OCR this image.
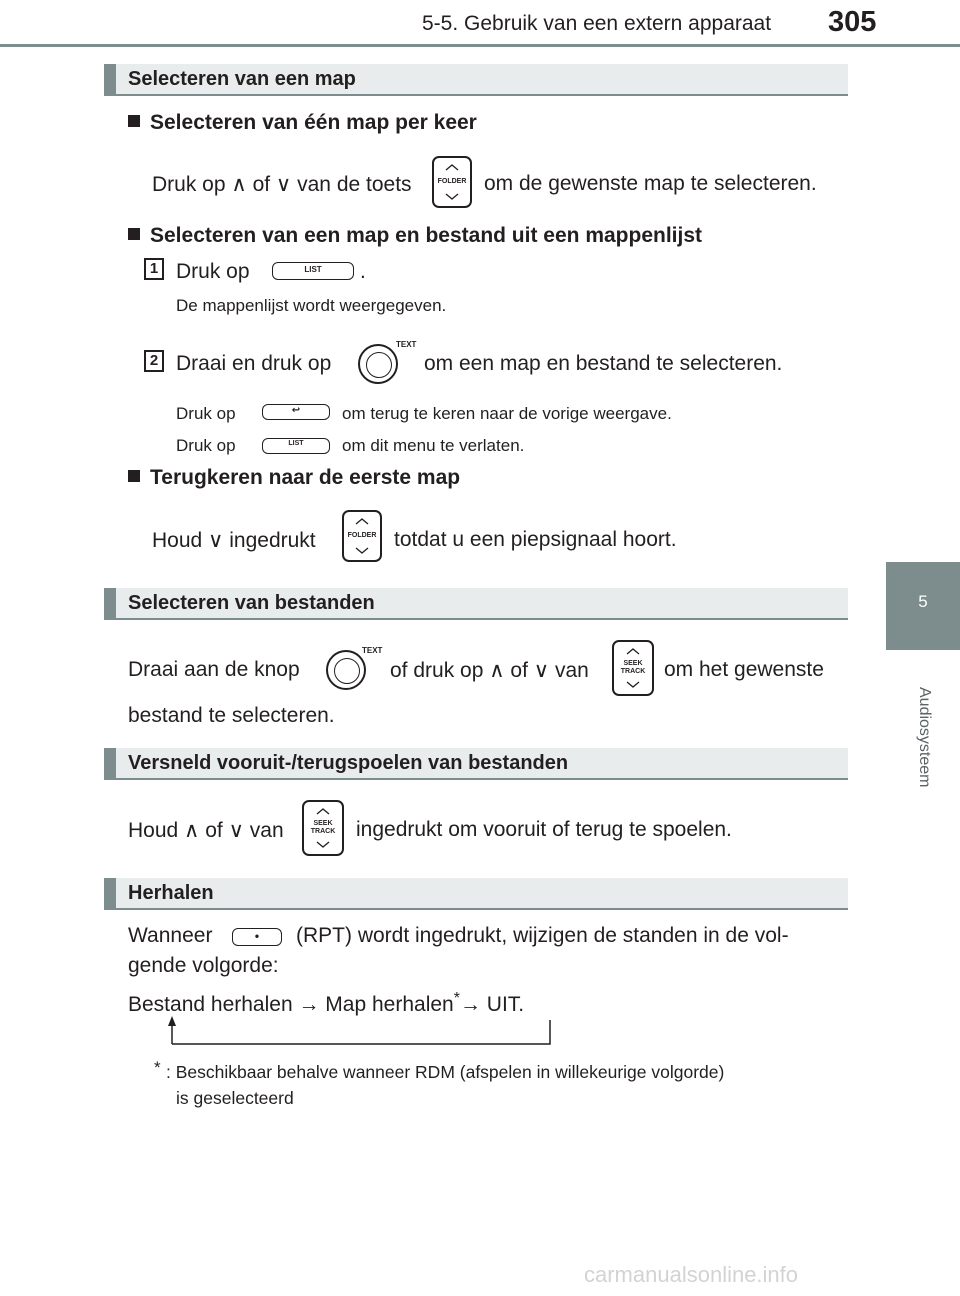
5-5. Gebruik van een extern apparaat 305
5
Audiosysteem
Selecteren van een map
Selecteren van één map per keer
Druk op ∧ of ∨ van de toets	FOLDER om de gewenste map te selecteren.
Selecteren van een map en bestand uit een mappenlijst
1 Druk op	LIST	.
De mappenlijst wordt weergegeven.
2 Draai en druk op
TEXT
om een map en bestand te selecteren.
Druk op	↩	om terug te keren naar de vorige weergave.
Druk op	LIST	om dit menu te verlaten.
Terugkeren naar de eerste map
Houd ∨ ingedrukt	FOLDER totdat u een piepsignaal hoort.
Selecteren van bestanden
Draai aan de knop
TEXT
of druk op ∧ of ∨ van	SEEK
TRACK om het gewenste
bestand te selecteren.
Versneld vooruit-/terugspoelen van bestanden
Houd ∧ of ∨ van	SEEK
TRACK ingedrukt om vooruit of terug te spoelen.
Herhalen
Wanneer	•	(RPT) wordt ingedrukt, wijzigen de standen in de vol-
gende volgorde:
Bestand herhalen → Map herhalen*→ UIT.
* : Beschikbaar behalve wanneer RDM (afspelen in willekeurige volgorde)
is geselecteerd
carmanualsonline.info
